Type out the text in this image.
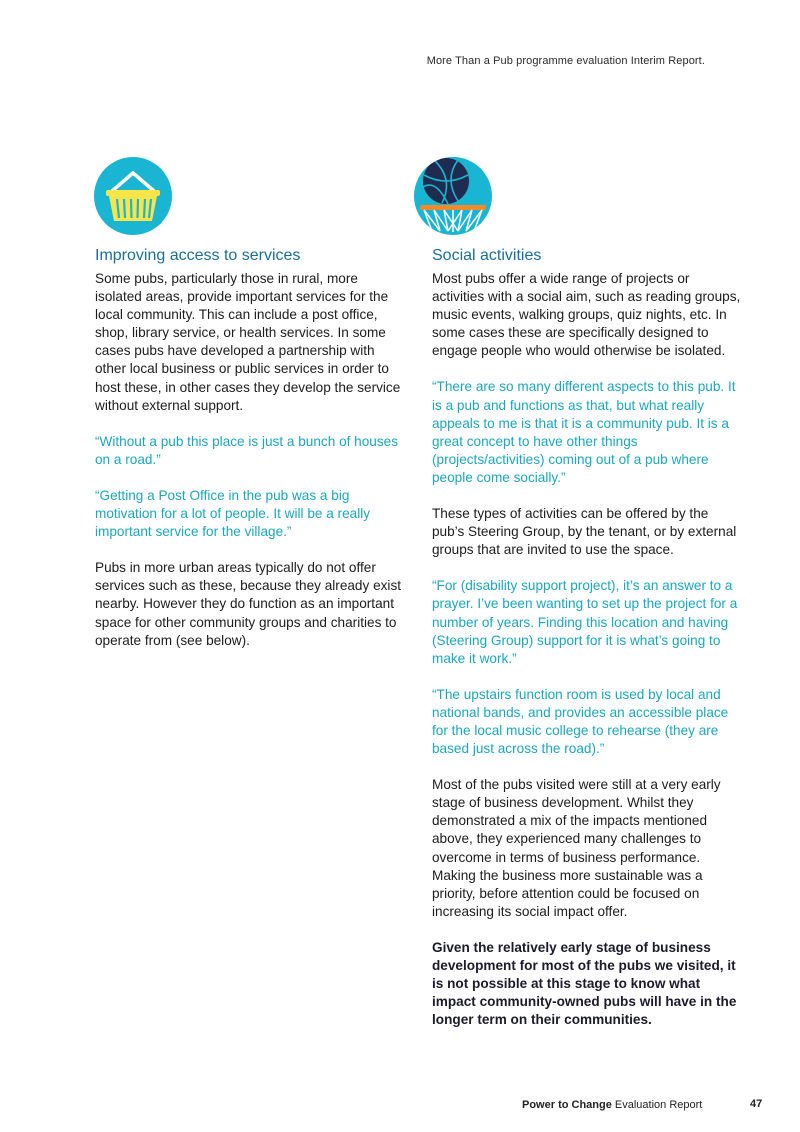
More Than a Pub programme evaluation Interim Report.
Improving access to services

Some pubs, particularly those in rural, more isolated areas, provide important services for the local community. This can include a post office, shop, library service, or health services. In some cases pubs have developed a partnership with other local business or public services in order to host these, in other cases they develop the service without external support.

“Without a pub this place is just a bunch of houses on a road.”

“Getting a Post Office in the pub was a big motivation for a lot of people. It will be a really important service for the village.”

Pubs in more urban areas typically do not offer services such as these, because they already exist nearby. However they do function as an important space for other community groups and charities to operate from (see below).

Social activities

Most pubs offer a wide range of projects or activities with a social aim, such as reading groups, music events, walking groups, quiz nights, etc. In some cases these are specifically designed to engage people who would otherwise be isolated.

“There are so many different aspects to this pub. It is a pub and functions as that, but what really appeals to me is that it is a community pub. It is a great concept to have other things (projects/activities) coming out of a pub where people come socially.”

These types of activities can be offered by the pub’s Steering Group, by the tenant, or by external groups that are invited to use the space.

“For (disability support project), it’s an answer to a prayer. I’ve been wanting to set up the project for a number of years. Finding this location and having (Steering Group) support for it is what’s going to make it work.”

“The upstairs function room is used by local and national bands, and provides an accessible place for the local music college to rehearse (they are based just across the road).”

Most of the pubs visited were still at a very early stage of business development. Whilst they demonstrated a mix of the impacts mentioned above, they experienced many challenges to overcome in terms of business performance. Making the business more sustainable was a priority, before attention could be focused on increasing its social impact offer.

Given the relatively early stage of business development for most of the pubs we visited, it is not possible at this stage to know what impact community-owned pubs will have in the longer term on their communities.

Power to Change Evaluation Report	47
